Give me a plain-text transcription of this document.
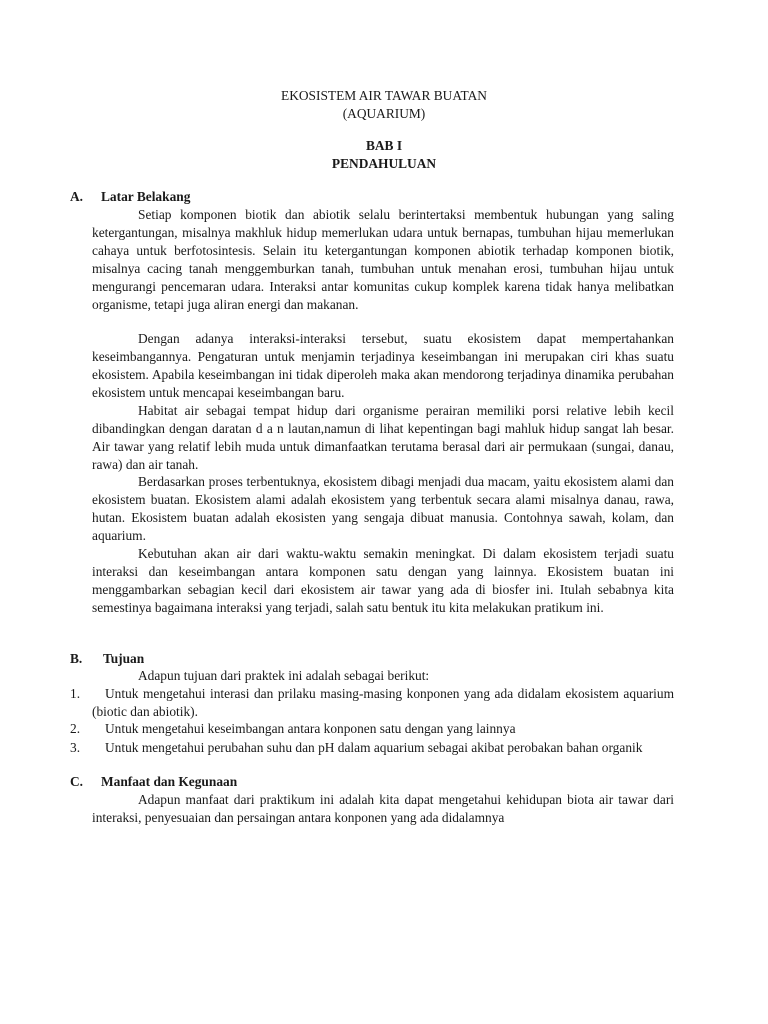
EKOSISTEM AIR TAWAR BUATAN

(AQUARIUM)

BAB I

PENDAHULUAN

A. Latar Belakang

Setiap komponen biotik dan abiotik selalu berintertaksi membentuk hubungan yang saling ketergantungan, misalnya makhluk hidup memerlukan udara untuk bernapas, tumbuhan hijau memerlukan cahaya untuk berfotosintesis. Selain itu ketergantungan komponen abiotik terhadap komponen biotik, misalnya cacing tanah menggemburkan tanah, tumbuhan untuk menahan erosi, tumbuhan hijau untuk mengurangi pencemaran udara. Interaksi antar komunitas cukup komplek karena tidak hanya melibatkan organisme, tetapi juga aliran energi dan makanan.

Dengan adanya interaksi-interaksi tersebut, suatu ekosistem dapat mempertahankan keseimbangannya. Pengaturan untuk menjamin terjadinya keseimbangan ini merupakan ciri khas suatu ekosistem. Apabila keseimbangan ini tidak diperoleh maka akan mendorong terjadinya dinamika perubahan ekosistem untuk mencapai keseimbangan baru.

Habitat air sebagai tempat hidup dari organisme perairan memiliki porsi relative lebih kecil dibandingkan dengan daratan d a n lautan,namun di lihat kepentingan bagi mahluk hidup sangat lah besar. Air tawar yang relatif lebih muda untuk dimanfaatkan terutama berasal dari air permukaan (sungai, danau, rawa) dan air tanah.

Berdasarkan proses terbentuknya, ekosistem dibagi menjadi dua macam, yaitu ekosistem alami dan ekosistem buatan. Ekosistem alami adalah ekosistem yang terbentuk secara alami misalnya danau, rawa, hutan. Ekosistem buatan adalah ekosisten yang sengaja dibuat manusia. Contohnya sawah, kolam, dan aquarium.

Kebutuhan akan air dari waktu-waktu semakin meningkat. Di dalam ekosistem terjadi suatu interaksi dan keseimbangan antara komponen satu dengan yang lainnya. Ekosistem buatan ini menggambarkan sebagian kecil dari ekosistem air tawar yang ada di biosfer ini. Itulah sebabnya kita semestinya bagaimana interaksi yang terjadi, salah satu bentuk itu kita melakukan pratikum ini.

B. Tujuan

Adapun tujuan dari praktek ini adalah sebagai berikut:

1.	Untuk mengetahui interasi dan prilaku masing-masing konponen yang ada didalam ekosistem aquarium (biotic dan abiotik).

2.	Untuk mengetahui keseimbangan antara konponen satu dengan yang lainnya

3.	Untuk mengetahui perubahan suhu dan pH dalam aquarium sebagai akibat perobakan bahan organik

C. Manfaat dan Kegunaan

Adapun manfaat dari praktikum ini adalah kita dapat mengetahui kehidupan biota air tawar dari interaksi, penyesuaian dan persaingan antara konponen yang ada didalamnya
